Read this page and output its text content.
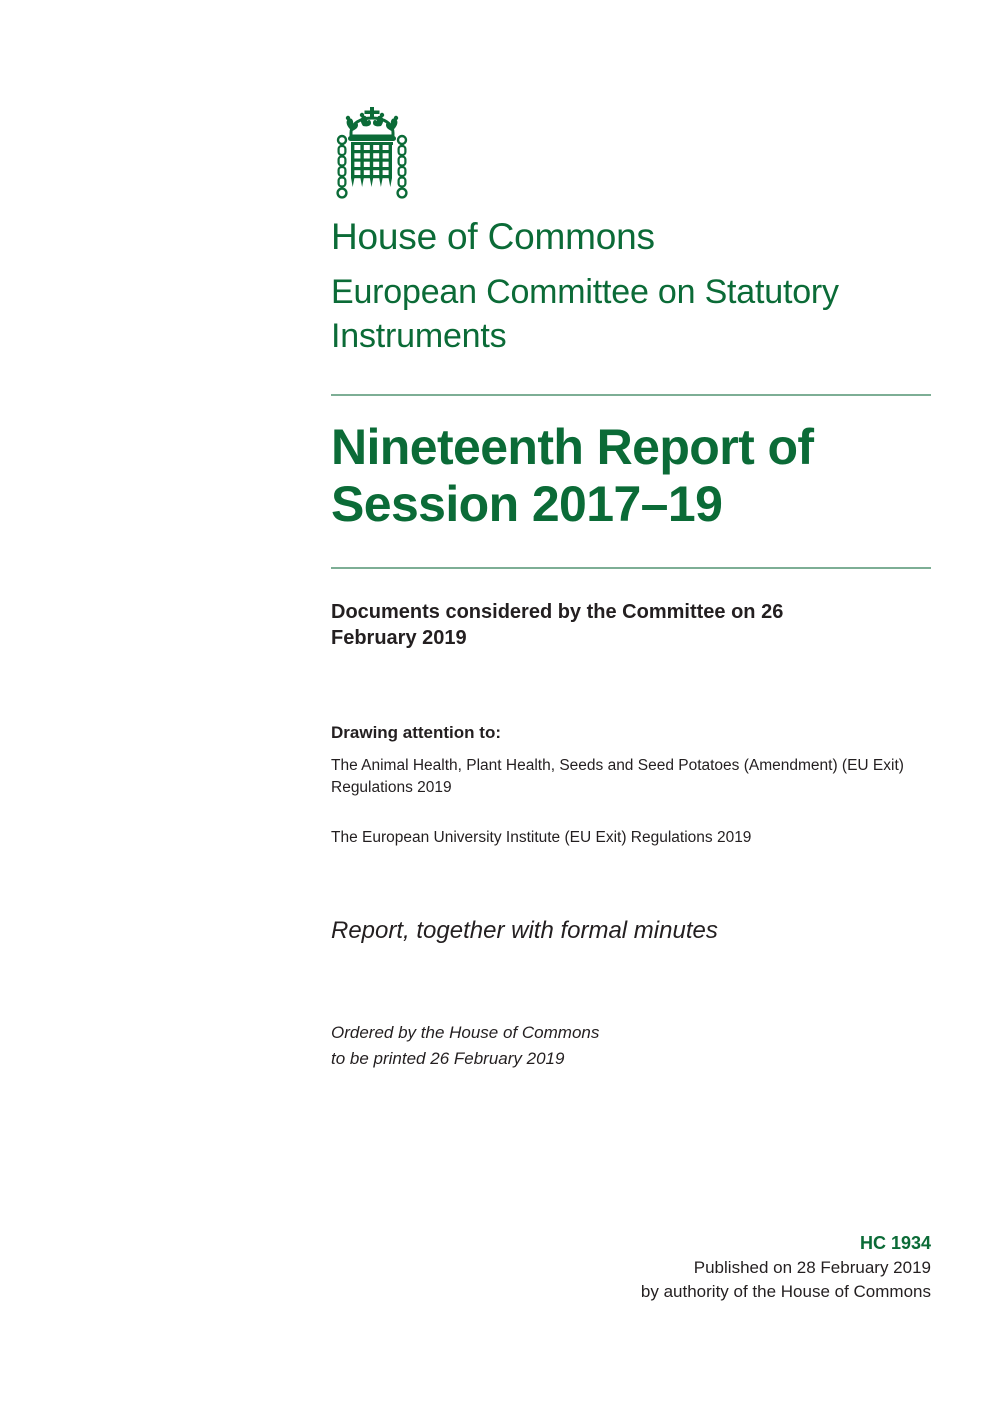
House of Commons
European Committee on Statutory Instruments
Nineteenth Report of Session 2017–19

Documents considered by the Committee on 26 February 2019

Drawing attention to:

The Animal Health, Plant Health, Seeds and Seed Potatoes (Amendment) (EU Exit) Regulations 2019

The European University Institute (EU Exit) Regulations 2019

Report, together with formal minutes

Ordered by the House of Commons
to be printed 26 February 2019

HC 1934

Published on 28 February 2019

by authority of the House of Commons
